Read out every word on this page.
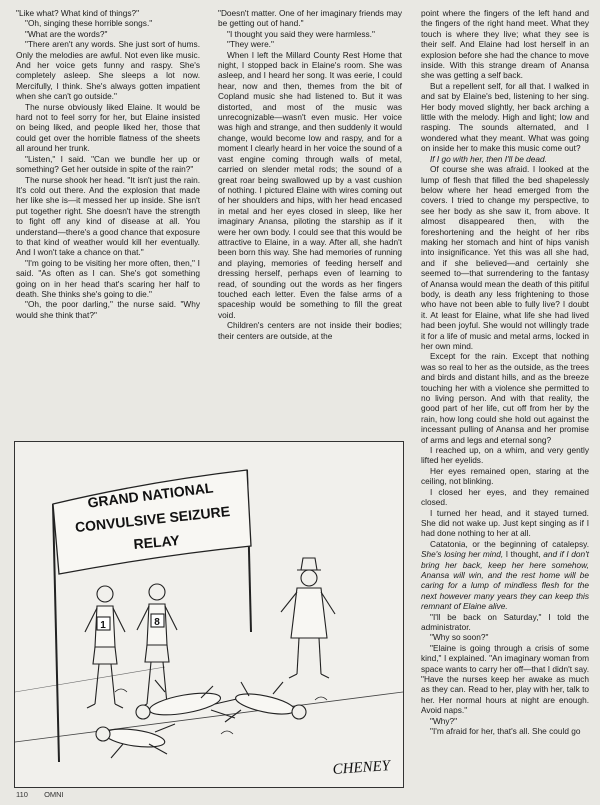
"Like what? What kind of things?"

"Oh, singing these horrible songs."

"What are the words?"

"There aren't any words. She just sort of hums. Only the melodies are awful. Not even like music. And her voice gets funny and raspy. She's completely asleep. She sleeps a lot now. Mercifully, I think. She's always gotten impatient when she can't go outside."

The nurse obviously liked Elaine. It would be hard not to feel sorry for her, but Elaine insisted on being liked, and people liked her, those that could get over the horrible flatness of the sheets all around her trunk.

"Listen," I said. "Can we bundle her up or something? Get her outside in spite of the rain?"

The nurse shook her head. "It isn't just the rain. It's cold out there. And the explosion that made her like she is—it messed her up inside. She isn't put together right. She doesn't have the strength to fight off any kind of disease at all. You understand—there's a good chance that exposure to that kind of weather would kill her eventually. And I won't take a chance on that."

"I'm going to be visiting her more often, then," I said. "As often as I can. She's got something going on in her head that's scaring her half to death. She thinks she's going to die."

"Oh, the poor darling," the nurse said. "Why would she think that?"

"Doesn't matter. One of her imaginary friends may be getting out of hand."

"I thought you said they were harmless."

"They were."

When I left the Millard County Rest Home that night, I stopped back in Elaine's room. She was asleep, and I heard her song. It was eerie, I could hear, now and then, themes from the bit of Copland music she had listened to. But it was distorted, and most of the music was unrecognizable—wasn't even music. Her voice was high and strange, and then suddenly it would change, would become low and raspy, and for a moment I clearly heard in her voice the sound of a vast engine coming through walls of metal, carried on slender metal rods; the sound of a great roar being swallowed up by a vast cushion of nothing. I pictured Elaine with wires coming out of her shoulders and hips, with her head encased in metal and her eyes closed in sleep, like her imaginary Anansa, piloting the starship as if it were her own body. I could see that this would be attractive to Elaine, in a way. After all, she hadn't been born this way. She had memories of running and playing, memories of feeding herself and dressing herself, perhaps even of learning to read, of sounding out the words as her fingers touched each letter. Even the false arms of a spaceship would be something to fill the great void.

Children's centers are not inside their bodies; their centers are outside, at the

point where the fingers of the left hand and the fingers of the right hand meet. What they touch is where they live; what they see is their self. And Elaine had lost herself in an explosion before she had the chance to move inside. With this strange dream of Anansa she was getting a self back.

But a repellent self, for all that. I walked in and sat by Elaine's bed, listening to her sing. Her body moved slightly, her back arching a little with the melody. High and light; low and rasping. The sounds alternated, and I wondered what they meant. What was going on inside her to make this music come out?

If I go with her, then I'll be dead.

Of course she was afraid. I looked at the lump of flesh that filled the bed shapelessly below where her head emerged from the covers. I tried to change my perspective, to see her body as she saw it, from above. It almost disappeared then, with the foreshortening and the height of her ribs making her stomach and hint of hips vanish into insignificance. Yet this was all she had, and if she believed—and certainly she seemed to—that surrendering to the fantasy of Anansa would mean the death of this pitiful body, is death any less frightening to those who have not been able to fully live? I doubt it. At least for Elaine, what life she had lived had been joyful. She would not willingly trade it for a life of music and metal arms, locked in her own mind.

Except for the rain. Except that nothing was so real to her as the outside, as the trees and birds and distant hills, and as the breeze touching her with a violence she permitted to no living person. And with that reality, the good part of her life, cut off from her by the rain, how long could she hold out against the incessant pulling of Anansa and her promise of arms and legs and eternal song?

I reached up, on a whim, and very gently lifted her eyelids.

Her eyes remained open, staring at the ceiling, not blinking.

I closed her eyes, and they remained closed.

I turned her head, and it stayed turned. She did not wake up. Just kept singing as if I had done nothing to her at all.

Catatonia, or the beginning of catalepsy. She's losing her mind, I thought, and if I don't bring her back, keep her here somehow, Anansa will win, and the rest home will be caring for a lump of mindless flesh for the next however many years they can keep this remnant of Elaine alive.

"I'll be back on Saturday," I told the administrator.

"Why so soon?"

"Elaine is going through a crisis of some kind," I explained. "An imaginary woman from space wants to carry her off—that I didn't say. "Have the nurses keep her awake as much as they can. Read to her, play with her, talk to her. Her normal hours at night are enough. Avoid naps."

"Why?"

"I'm afraid for her, that's all. She could go

GRAND NATIONAL
CONVULSIVE SEIZURE
RELAY
1	8
CHENEY
110 OMNI
